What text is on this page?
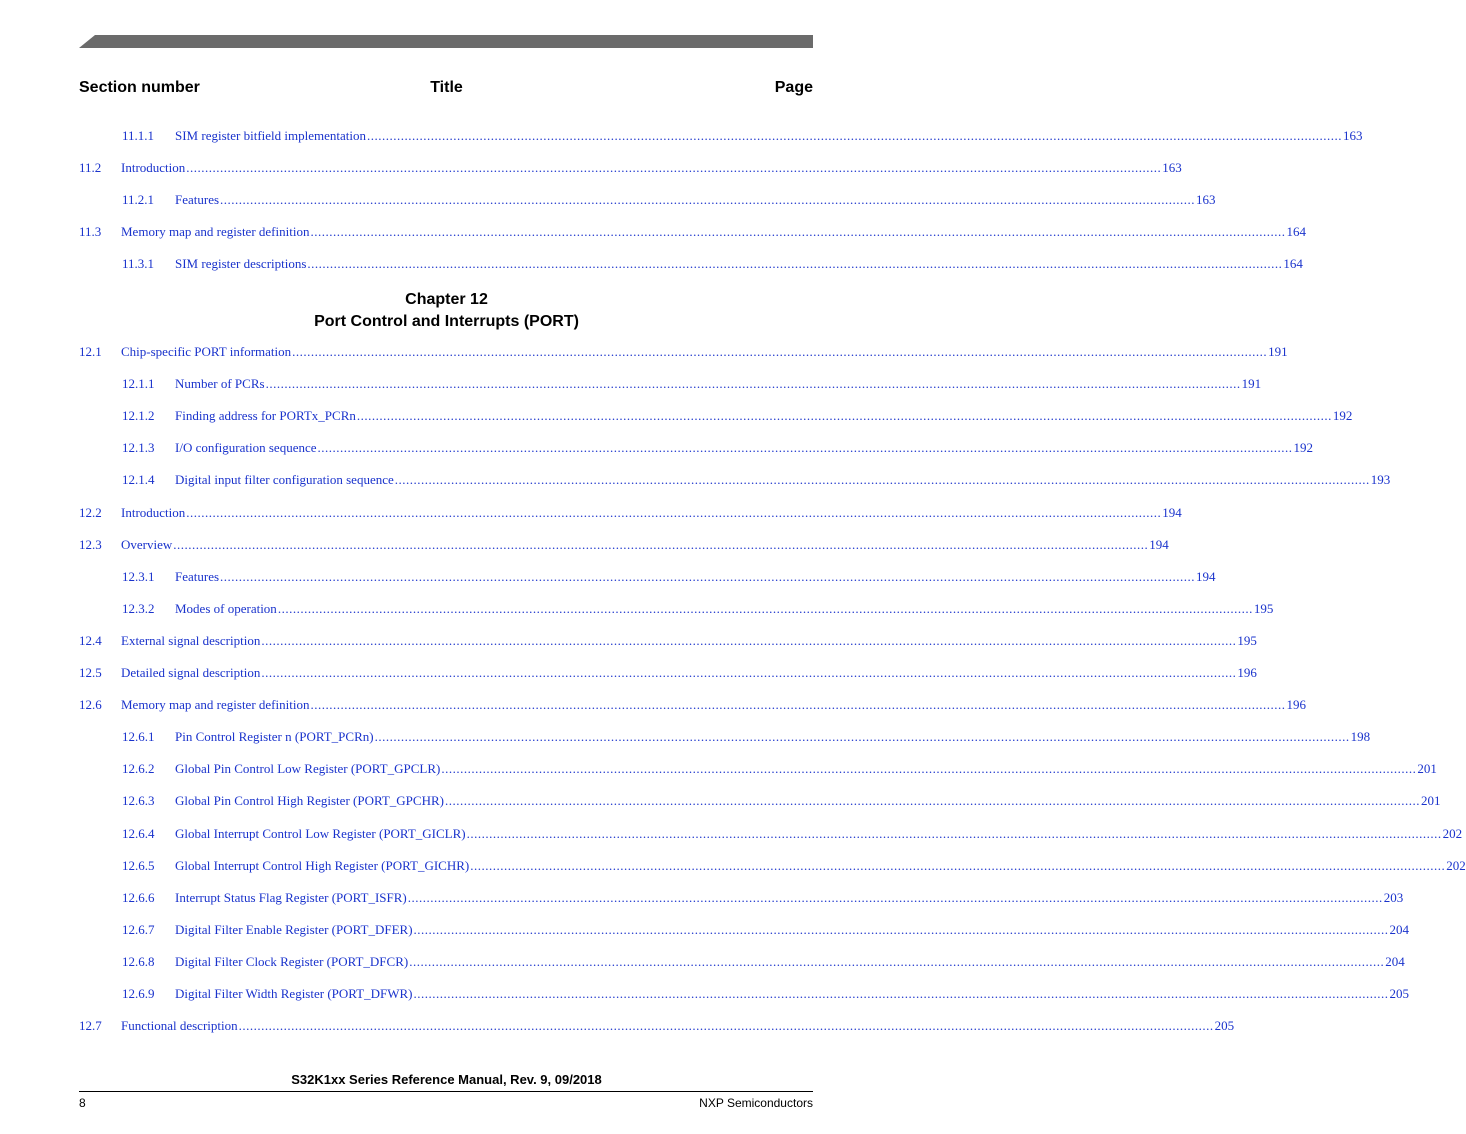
Section number	Title	Page
Chapter 12
Port Control and Interrupts (PORT)
11.1.1 SIM register bitfield implementation .................................................................................................................................................................................................................................................................... 163
11.2 Introduction .................................................................................................................................................................................................................................................................... 163
11.2.1 Features .................................................................................................................................................................................................................................................................... 163
11.3 Memory map and register definition .................................................................................................................................................................................................................................................................... 164
11.3.1 SIM register descriptions .................................................................................................................................................................................................................................................................... 164
12.1 Chip-specific PORT information .................................................................................................................................................................................................................................................................... 191
12.1.1 Number of PCRs .................................................................................................................................................................................................................................................................... 191
12.1.2 Finding address for PORTx_PCRn .................................................................................................................................................................................................................................................................... 192
12.1.3 I/O configuration sequence .................................................................................................................................................................................................................................................................... 192
12.1.4 Digital input filter configuration sequence .................................................................................................................................................................................................................................................................... 193
12.2 Introduction .................................................................................................................................................................................................................................................................... 194
12.3 Overview .................................................................................................................................................................................................................................................................... 194
12.3.1 Features .................................................................................................................................................................................................................................................................... 194
12.3.2 Modes of operation .................................................................................................................................................................................................................................................................... 195
12.4 External signal description .................................................................................................................................................................................................................................................................... 195
12.5 Detailed signal description .................................................................................................................................................................................................................................................................... 196
12.6 Memory map and register definition .................................................................................................................................................................................................................................................................... 196
12.6.1 Pin Control Register n (PORT_PCRn) .................................................................................................................................................................................................................................................................... 198
12.6.2 Global Pin Control Low Register (PORT_GPCLR) .................................................................................................................................................................................................................................................................... 201
12.6.3 Global Pin Control High Register (PORT_GPCHR) .................................................................................................................................................................................................................................................................... 201
12.6.4 Global Interrupt Control Low Register (PORT_GICLR) .................................................................................................................................................................................................................................................................... 202
12.6.5 Global Interrupt Control High Register (PORT_GICHR) .................................................................................................................................................................................................................................................................... 202
12.6.6 Interrupt Status Flag Register (PORT_ISFR) .................................................................................................................................................................................................................................................................... 203
12.6.7 Digital Filter Enable Register (PORT_DFER) .................................................................................................................................................................................................................................................................... 204
12.6.8 Digital Filter Clock Register (PORT_DFCR) .................................................................................................................................................................................................................................................................... 204
12.6.9 Digital Filter Width Register (PORT_DFWR) .................................................................................................................................................................................................................................................................... 205
12.7 Functional description .................................................................................................................................................................................................................................................................... 205
S32K1xx Series Reference Manual, Rev. 9, 09/2018
8	NXP Semiconductors
